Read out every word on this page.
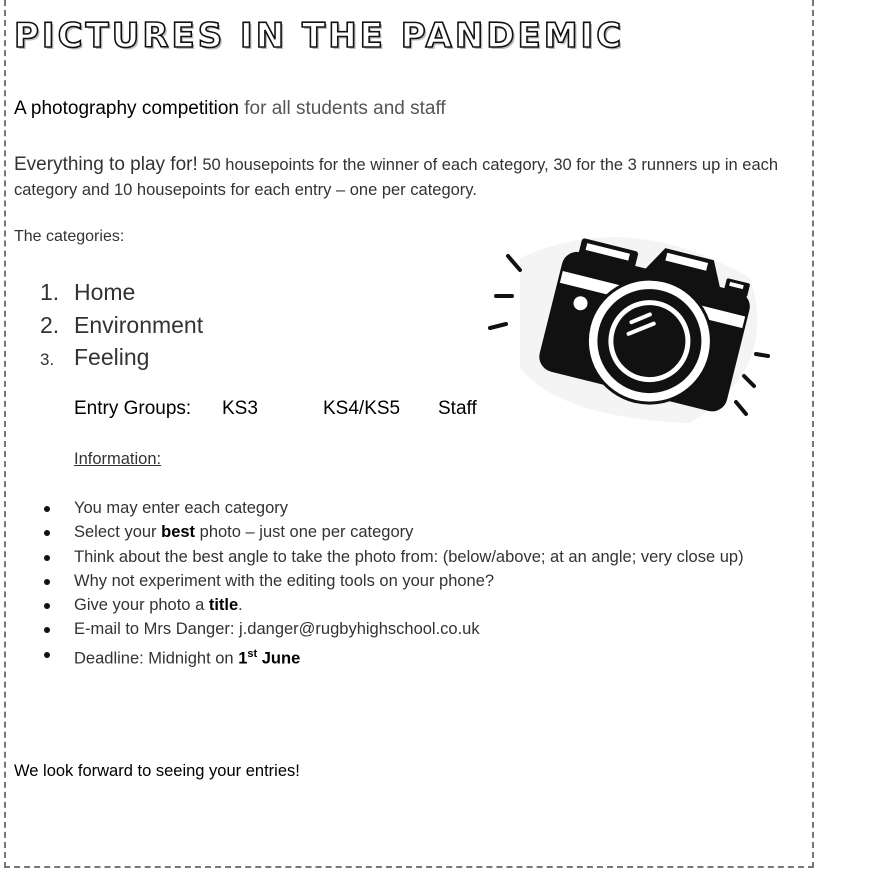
PICTURES IN THE PANDEMIC

A photography competition for all students and staff

Everything to play for! 50 housepoints for the winner of each category, 30 for the 3 runners up in each category and 10 housepoints for each entry – one per category.

The categories:

1. Home
2. Environment
3. Feeling

Entry Groups: KS3	KS4/KS5 Staff

Information:

You may enter each category
Select your best photo – just one per category
Think about the best angle to take the photo from: (below/above; at an angle; very close up)
Why not experiment with the editing tools on your phone?
Give your photo a title.
E-mail to Mrs Danger: j.danger@rugbyhighschool.co.uk
Deadline: Midnight on 1st June

We look forward to seeing your entries!
